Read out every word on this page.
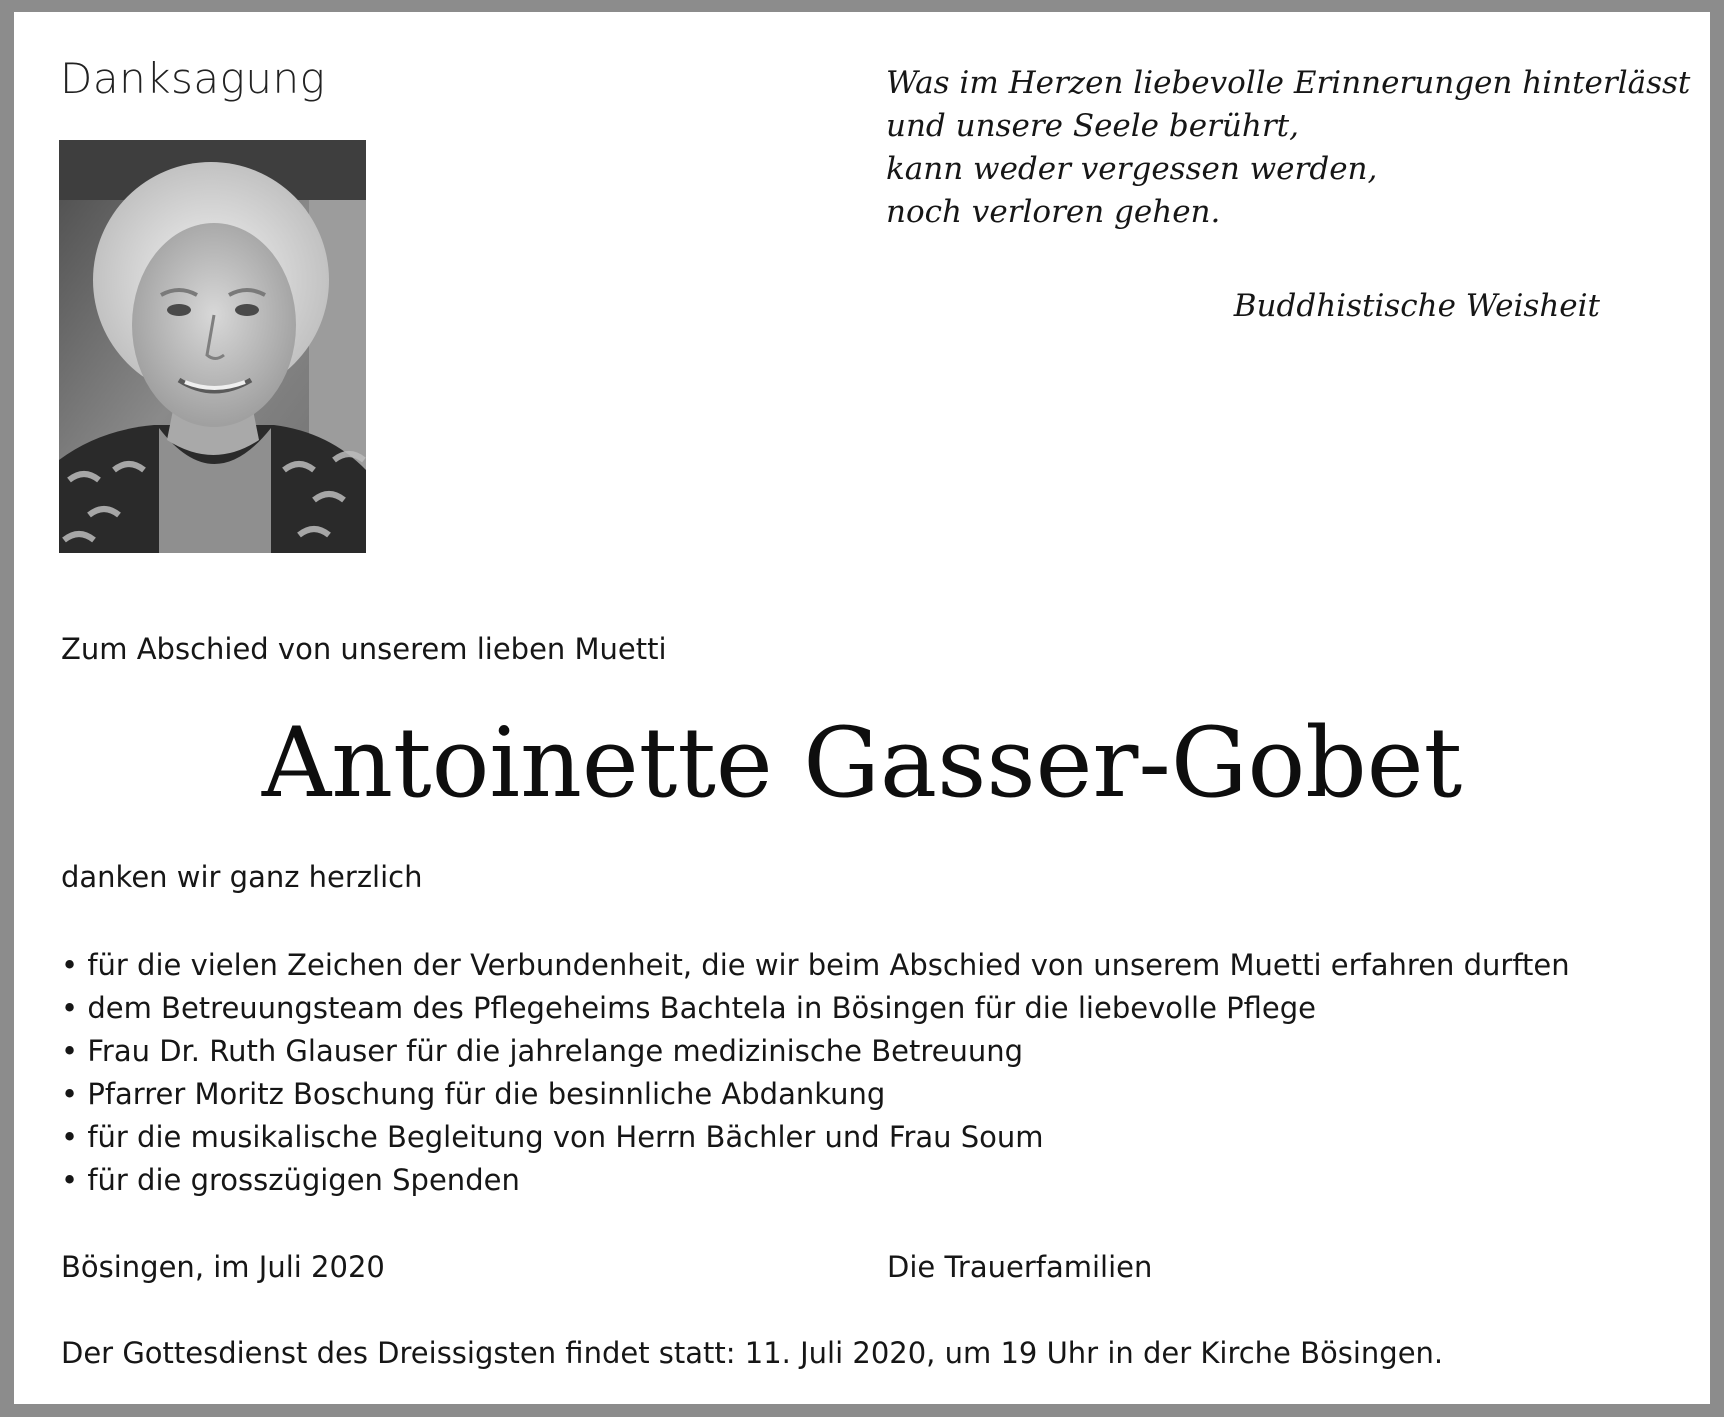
Danksagung	Was im Herzen liebevolle Erinnerungen hinterlässt
und unsere Seele berührt,
kann weder vergessen werden,
noch verloren gehen.
Buddhistische Weisheit
Zum Abschied von unserem lieben Muetti
Antoinette Gasser-Gobet
danken wir ganz herzlich
• für die vielen Zeichen der Verbundenheit, die wir beim Abschied von unserem Muetti erfahren durften
• dem Betreuungsteam des Pflegeheims Bachtela in Bösingen für die liebevolle Pflege
• Frau Dr. Ruth Glauser für die jahrelange medizinische Betreuung
• Pfarrer Moritz Boschung für die besinnliche Abdankung
• für die musikalische Begleitung von Herrn Bächler und Frau Soum
• für die grosszügigen Spenden
Bösingen, im Juli 2020	Die Trauerfamilien
Der Gottesdienst des Dreissigsten findet statt: 11. Juli 2020, um 19 Uhr in der Kirche Bösingen.
